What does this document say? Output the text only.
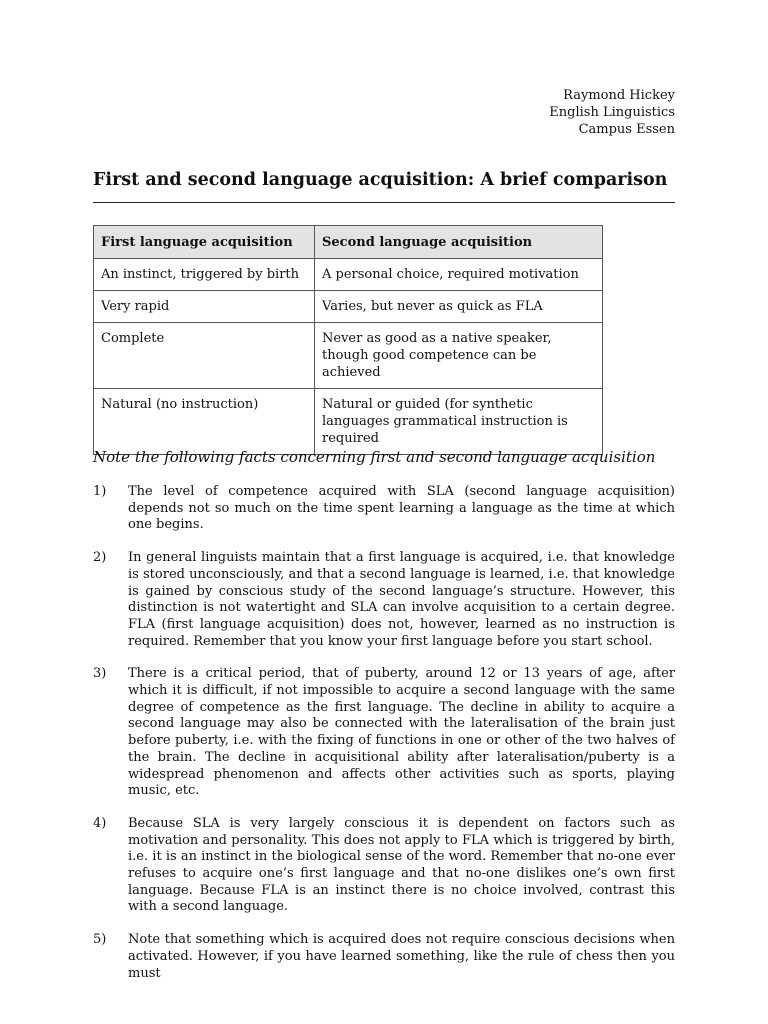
Raymond Hickey
English Linguistics
Campus Essen
First and second language acquisition: A brief comparison
First language acquisition	Second language acquisition
An instinct, triggered by birth	A personal choice, required motivation
Very rapid	Varies, but never as quick as FLA
Complete	Never as good as a native speaker, though good competence can be achieved
Natural (no instruction)	Natural or guided (for synthetic languages grammatical instruction is required
Note the following facts concerning first and second language acquisition
1) The level of competence acquired with SLA (second language acquisition) depends not so much on the time spent learning a language as the time at which one begins.
2) In general linguists maintain that a first language is acquired, i.e. that knowledge is stored unconsciously, and that a second language is learned, i.e. that knowledge is gained by conscious study of the second language’s structure. However, this distinction is not watertight and SLA can involve acquisition to a certain degree. FLA (first language acquisition) does not, however, learned as no instruction is required. Remember that you know your first language before you start school.
3) There is a critical period, that of puberty, around 12 or 13 years of age, after which it is difficult, if not impossible to acquire a second language with the same degree of competence as the first language. The decline in ability to acquire a second language may also be connected with the lateralisation of the brain just before puberty, i.e. with the fixing of functions in one or other of the two halves of the brain. The decline in acquisitional ability after lateralisation/puberty is a widespread phenomenon and affects other activities such as sports, playing music, etc.
4) Because SLA is very largely conscious it is dependent on factors such as motivation and personality. This does not apply to FLA which is triggered by birth, i.e. it is an instinct in the biological sense of the word. Remember that no-one ever refuses to acquire one’s first language and that no-one dislikes one’s own first language. Because FLA is an instinct there is no choice involved, contrast this with a second language.
5) Note that something which is acquired does not require conscious decisions when activated. However, if you have learned something, like the rule of chess then you must
